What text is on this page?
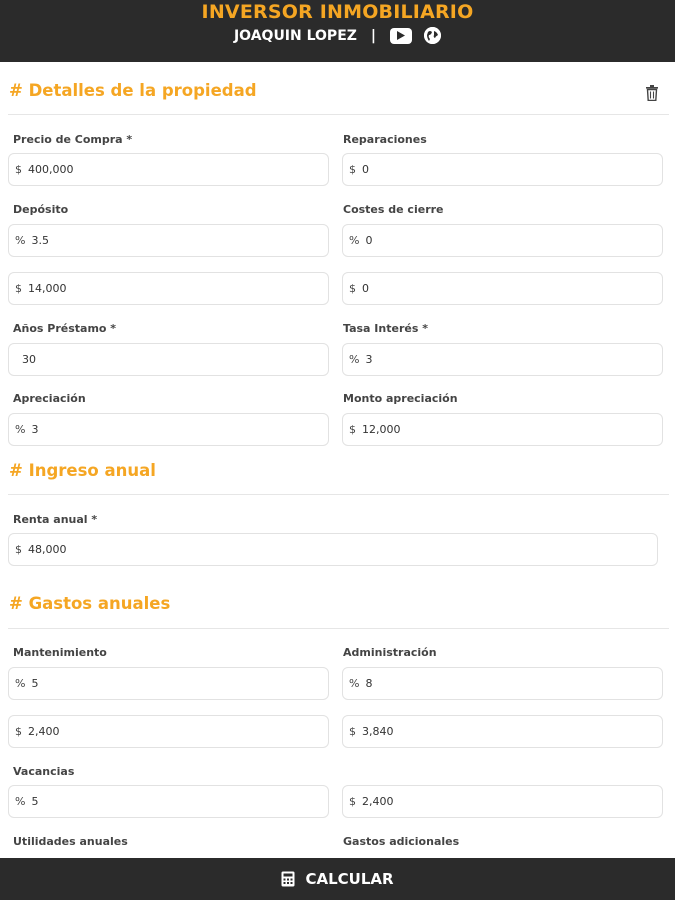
INVERSOR INMOBILIARIO
JOAQUIN LOPEZ |
# Detalles de la propiedad
Precio de Compra *	Reparaciones
$ 400,000	$ 0
Depósito	Costes de cierre
% 3.5	% 0
$ 14,000	$ 0
Años Préstamo *	Tasa Interés *
30	% 3
Apreciación	Monto apreciación
% 3	$ 12,000
# Ingreso anual
Renta anual *
$ 48,000
# Gastos anuales
Mantenimiento	Administración
% 5	% 8
$ 2,400	$ 3,840
Vacancias
% 5	$ 2,400
Utilidades anuales	Gastos adicionales
CALCULAR
